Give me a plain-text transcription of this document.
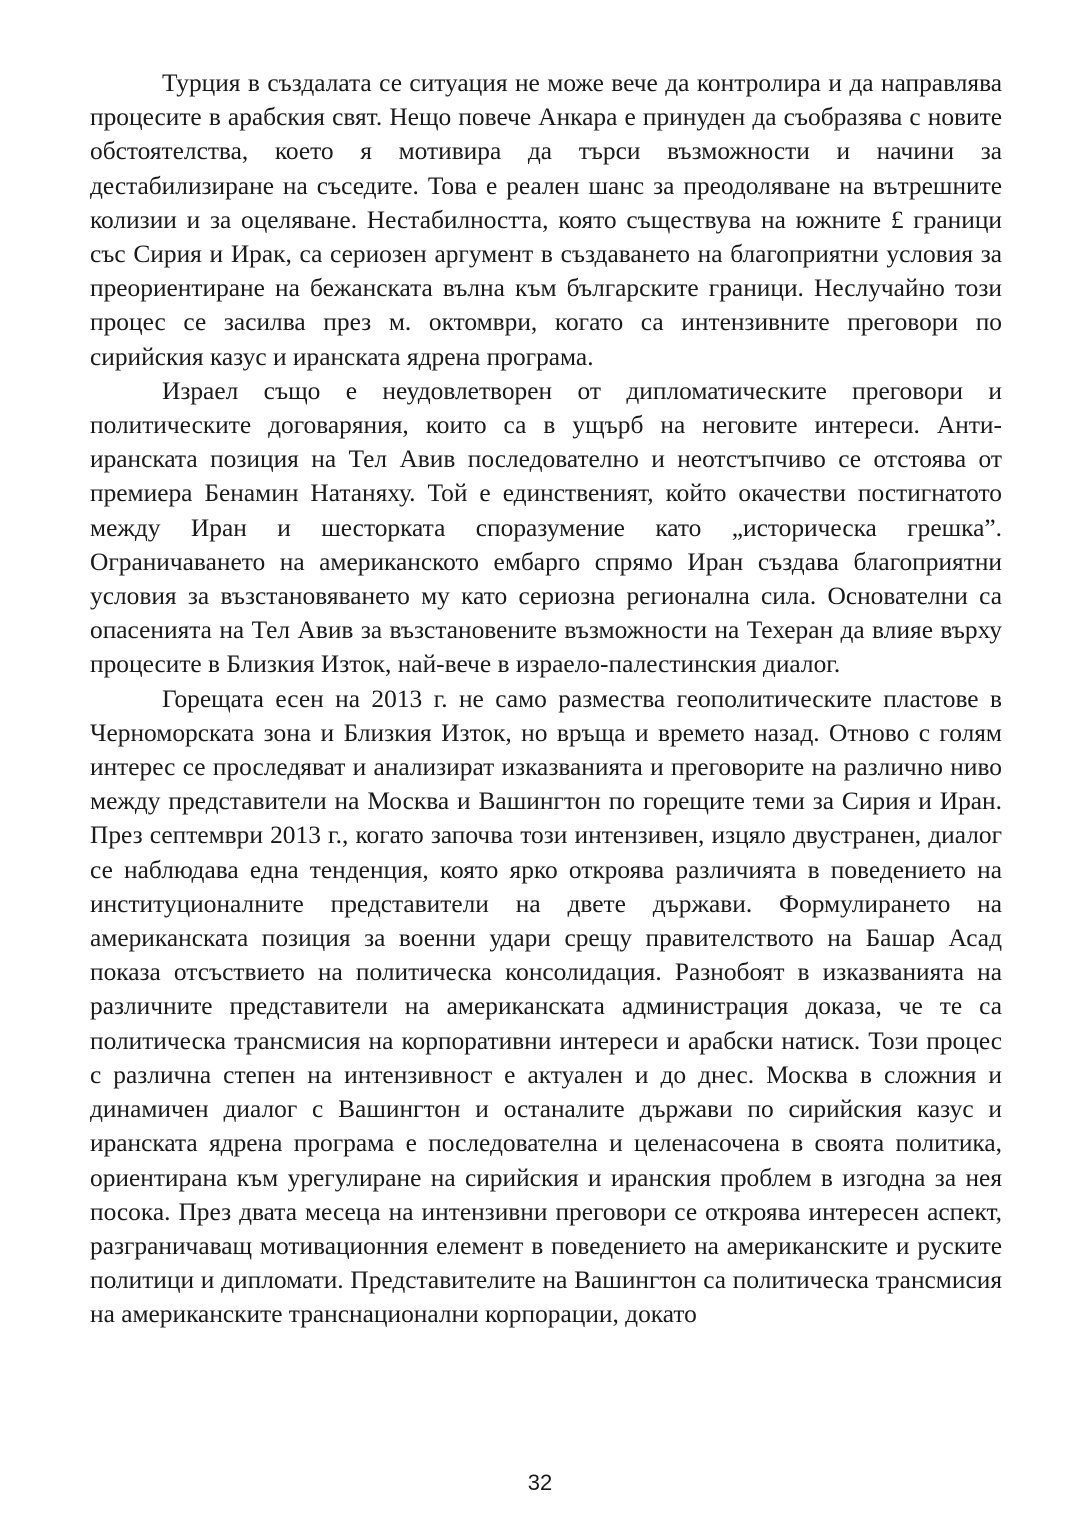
Турция в създалата се ситуация не може вече да контролира и да направлява процесите в арабския свят. Нещо повече Анкара е принуден да съобразява с новите обстоятелства, което я мотивира да търси възможности и начини за дестабилизиране на съседите. Това е реален шанс за преодоляване на вътрешните колизии и за оцеляване. Нестабилността, която съществува на южните £ граници със Сирия и Ирак, са сериозен аргумент в създаването на благоприятни условия за преориентиране на бежанската вълна към българските граници. Неслучайно този процес се засилва през м. октомври, когато са интензивните преговори по сирийския казус и иранската ядрена програма.

Израел също е неудовлетворен от дипломатическите преговори и политическите договаряния, които са в ущърб на неговите интереси. Антииранската позиция на Тел Авив последователно и неотстъпчиво се отстоява от премиера Бенамин Натаняху. Той е единственият, който окачестви постигнатото между Иран и шесторката споразумение като „историческа грешка”. Ограничаването на американското ембарго спрямо Иран създава благоприятни условия за възстановяването му като сериозна регионална сила. Основателни са опасенията на Тел Авив за възстановените възможности на Техеран да влияе върху процесите в Близкия Изток, най-вече в израело-палестинския диалог.

Горещата есен на 2013 г. не само размества геополитическите пластове в Черноморската зона и Близкия Изток, но връща и времето назад. Отново с голям интерес се проследяват и анализират изказванията и преговорите на различно ниво между представители на Москва и Вашингтон по горещите теми за Сирия и Иран. През септември 2013 г., когато започва този интензивен, изцяло двустранен, диалог се наблюдава една тенденция, която ярко откроява различията в поведението на институционалните представители на двете държави. Формулирането на американската позиция за военни удари срещу правителството на Башар Асад показа отсъствието на политическа консолидация. Разнобоят в изказванията на различните представители на американската администрация доказа, че те са политическа трансмисия на корпоративни интереси и арабски натиск. Този процес с различна степен на интензивност е актуален и до днес. Москва в сложния и динамичен диалог с Вашингтон и останалите държави по сирийския казус и иранската ядрена програма е последователна и целенасочена в своята политика, ориентирана към урегулиране на сирийския и иранския проблем в изгодна за нея посока. През двата месеца на интензивни преговори се откроява интересен аспект, разграничаващ мотивационния елемент в поведението на американските и руските политици и дипломати. Представителите на Вашингтон са политическа трансмисия на американските транснационални корпорации, докато

32
